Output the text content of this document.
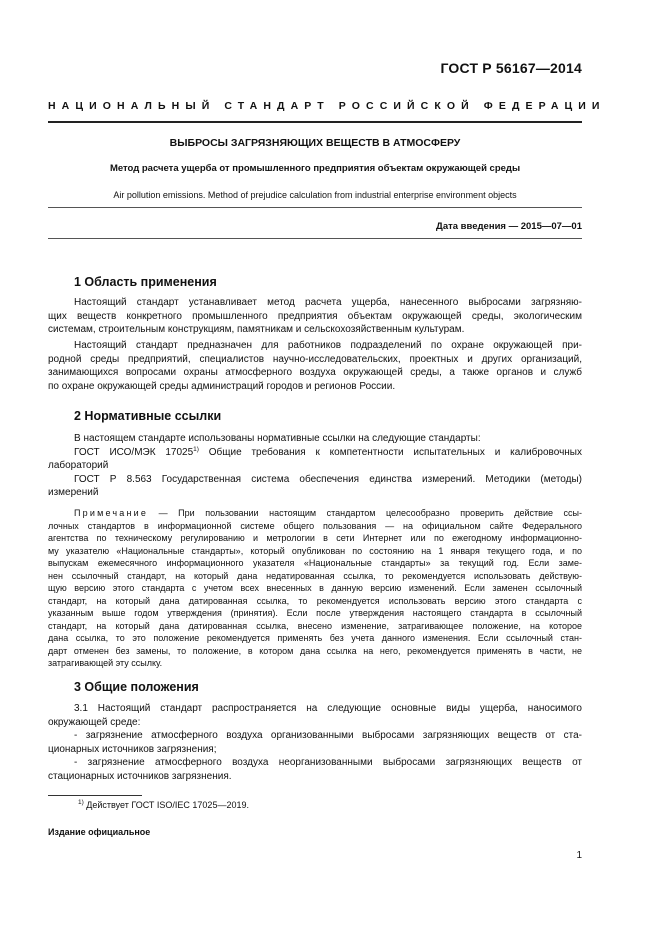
ГОСТ Р 56167—2014
НАЦИОНАЛЬНЫЙ СТАНДАРТ РОССИЙСКОЙ ФЕДЕРАЦИИ
ВЫБРОСЫ ЗАГРЯЗНЯЮЩИХ ВЕЩЕСТВ В АТМОСФЕРУ
Метод расчета ущерба от промышленного предприятия объектам окружающей среды
Air pollution emissions. Method of prejudice calculation from industrial enterprise environment objects
Дата введения — 2015—07—01
1 Область применения
Настоящий стандарт устанавливает метод расчета ущерба, нанесенного выбросами загрязняю-
щих веществ конкретного промышленного предприятия объектам окружающей среды, экологическим
системам, строительным конструкциям, памятникам и сельскохозяйственным культурам.
Настоящий стандарт предназначен для работников подразделений по охране окружающей при-
родной среды предприятий, специалистов научно-исследовательских, проектных и других организаций,
занимающихся вопросами охраны атмосферного воздуха окружающей среды, а также органов и служб
по охране окружающей среды администраций городов и регионов России.
2 Нормативные ссылки
В настоящем стандарте использованы нормативные ссылки на следующие стандарты:
ГОСТ ИСО/МЭК 17025$^{1)}$ Общие требования к компетентности испытательных и калибровочных
лабораторий
ГОСТ Р 8.563 Государственная система обеспечения единства измерений. Методики (методы)
измерений
Примечание — При пользовании настоящим стандартом целесообразно проверить действие ссы-
лочных стандартов в информационной системе общего пользования — на официальном сайте Федерального
агентства по техническому регулированию и метрологии в сети Интернет или по ежегодному информационно-
му указателю «Национальные стандарты», который опубликован по состоянию на 1 января текущего года, и по
выпускам ежемесячного информационного указателя «Национальные стандарты» за текущий год. Если заме-
нен ссылочный стандарт, на который дана недатированная ссылка, то рекомендуется использовать действую-
щую версию этого стандарта с учетом всех внесенных в данную версию изменений. Если заменен ссылочный
стандарт, на который дана датированная ссылка, то рекомендуется использовать версию этого стандарта с
указанным выше годом утверждения (принятия). Если после утверждения настоящего стандарта в ссылочный
стандарт, на который дана датированная ссылка, внесено изменение, затрагивающее положение, на которое
дана ссылка, то это положение рекомендуется применять без учета данного изменения. Если ссылочный стан-
дарт отменен без замены, то положение, в котором дана ссылка на него, рекомендуется применять в части, не
затрагивающей эту ссылку.
3 Общие положения
3.1 Настоящий стандарт распространяется на следующие основные виды ущерба, наносимого
окружающей среде:
- загрязнение атмосферного воздуха организованными выбросами загрязняющих веществ от ста-
ционарных источников загрязнения;
- загрязнение атмосферного воздуха неорганизованными выбросами загрязняющих веществ от
стационарных источников загрязнения.
$^{1)}$ Действует ГОСТ ISO/IEC 17025—2019.
Издание официальное
1
